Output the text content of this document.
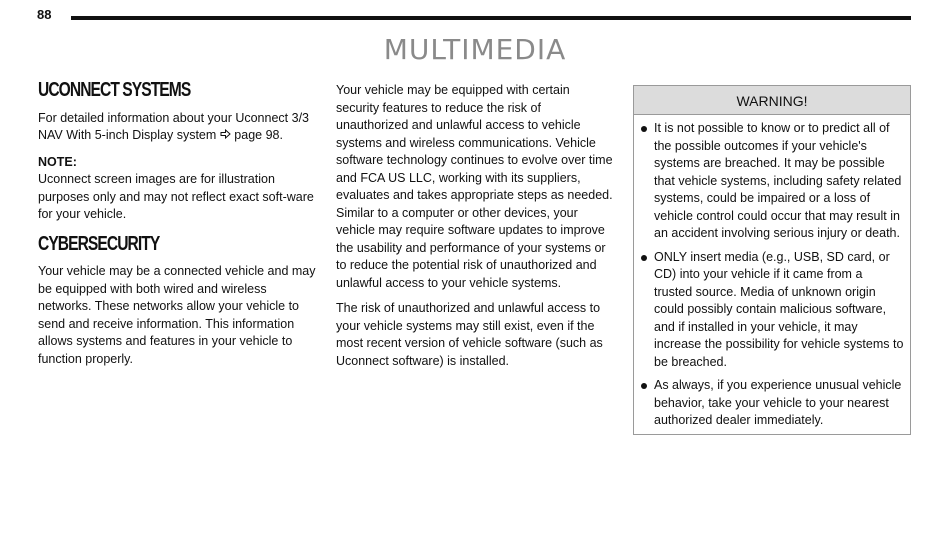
88
MULTIMEDIA
UCONNECT SYSTEMS

For detailed information about your Uconnect 3/3 NAV With 5-inch Display system page 98.

NOTE:

Uconnect screen images are for illustration purposes only and may not reflect exact soft-ware for your vehicle.

CYBERSECURITY

Your vehicle may be a connected vehicle and may be equipped with both wired and wireless networks. These networks allow your vehicle to send and receive information. This information allows systems and features in your vehicle to function properly.

Your vehicle may be equipped with certain security features to reduce the risk of unauthorized and unlawful access to vehicle systems and wireless communications. Vehicle software technology continues to evolve over time and FCA US LLC, working with its suppliers, evaluates and takes appropriate steps as needed. Similar to a computer or other devices, your vehicle may require software updates to improve the usability and performance of your systems or to reduce the potential risk of unauthorized and unlawful access to your vehicle systems.

The risk of unauthorized and unlawful access to your vehicle systems may still exist, even if the most recent version of vehicle software (such as Uconnect software) is installed.

WARNING!
It is not possible to know or to predict all of the possible outcomes if your vehicle's systems are breached. It may be possible that vehicle systems, including safety related systems, could be impaired or a loss of vehicle control could occur that may result in an accident involving serious injury or death.
ONLY insert media (e.g., USB, SD card, or CD) into your vehicle if it came from a trusted source. Media of unknown origin could possibly contain malicious software, and if installed in your vehicle, it may increase the possibility for vehicle systems to be breached.
As always, if you experience unusual vehicle behavior, take your vehicle to your nearest authorized dealer immediately.
